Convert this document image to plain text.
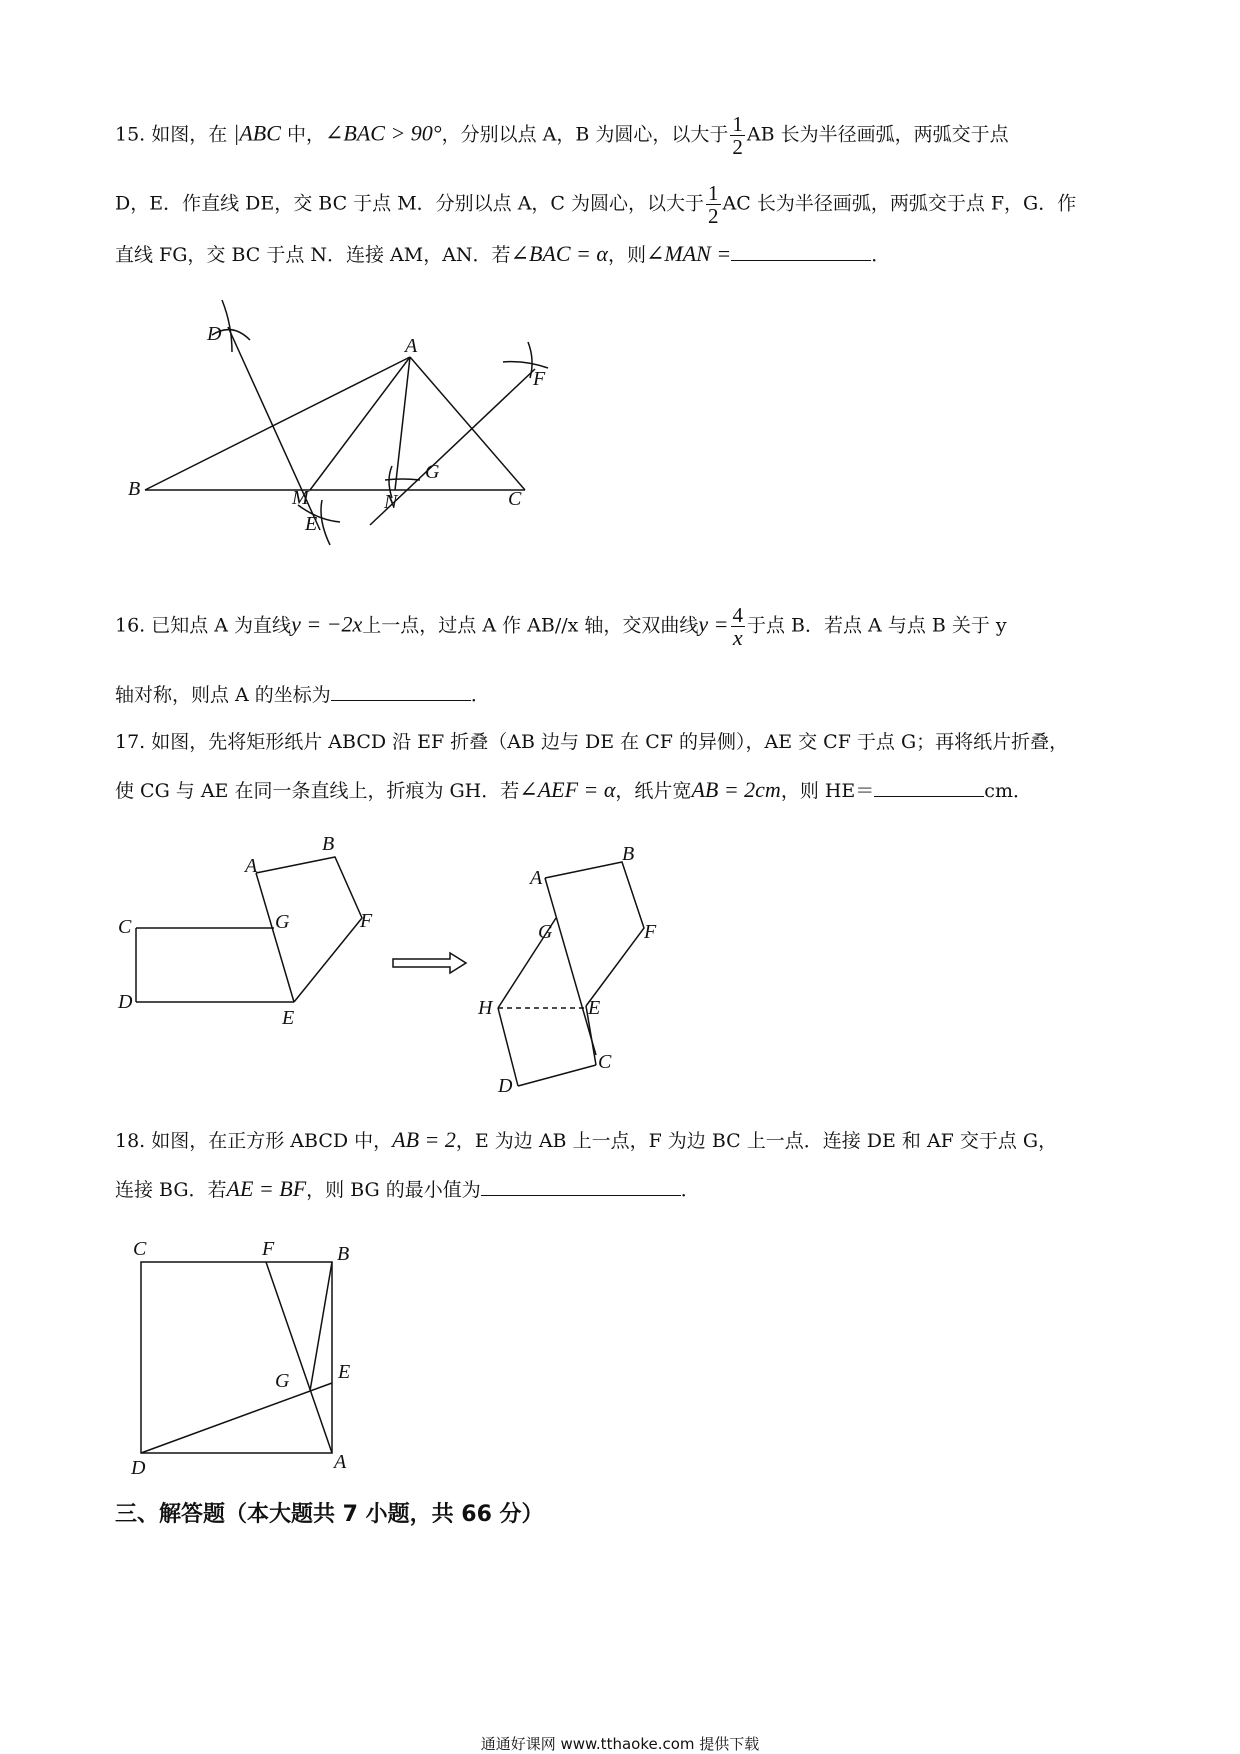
15. 如图，在 |ABC 中，∠BAC > 90°，分别以点 A，B 为圆心，以大于 $\frac{1}{2}$ AB 长为半径画弧，两弧交于点
D，E．作直线 DE，交 BC 于点 M．分别以点 A，C 为圆心，以大于 $\frac{1}{2}$ AC 长为半径画弧，两弧交于点 F，G．作
直线 FG，交 BC 于点 N．连接 AM，AN．若∠BAC = α，则∠MAN =	．
D
A
F
G
B	M
E
N	C
16. 已知点 A 为直线y = −2x上一点，过点 A 作 AB//x 轴，交双曲线$y = \frac{4}{x}$ 于点 B．若点 A 与点 B 关于 y
轴对称，则点 A 的坐标为	．
17. 如图，先将矩形纸片 ABCD 沿 EF 折叠（AB 边与 DE 在 CF 的异侧），AE 交 CF 于点 G；再将纸片折叠，
使 CG 与 AE 在同一条直线上，折痕为 GH．若∠AEF = α，纸片宽AB = 2cm，则 HE＝	cm．
A
B
C	G	F
D
E
A
B
G	F
H	E
C
D
18. 如图，在正方形 ABCD 中，AB = 2，E 为边 AB 上一点，F 为边 BC 上一点．连接 DE 和 AF 交于点 G，
连接 BG．若AE = BF，则 BG 的最小值为	．
C	F	B
G E
D	A
三、解答题（本大题共 7 小题，共 66 分）
通通好课网 www.tthaoke.com 提供下载
